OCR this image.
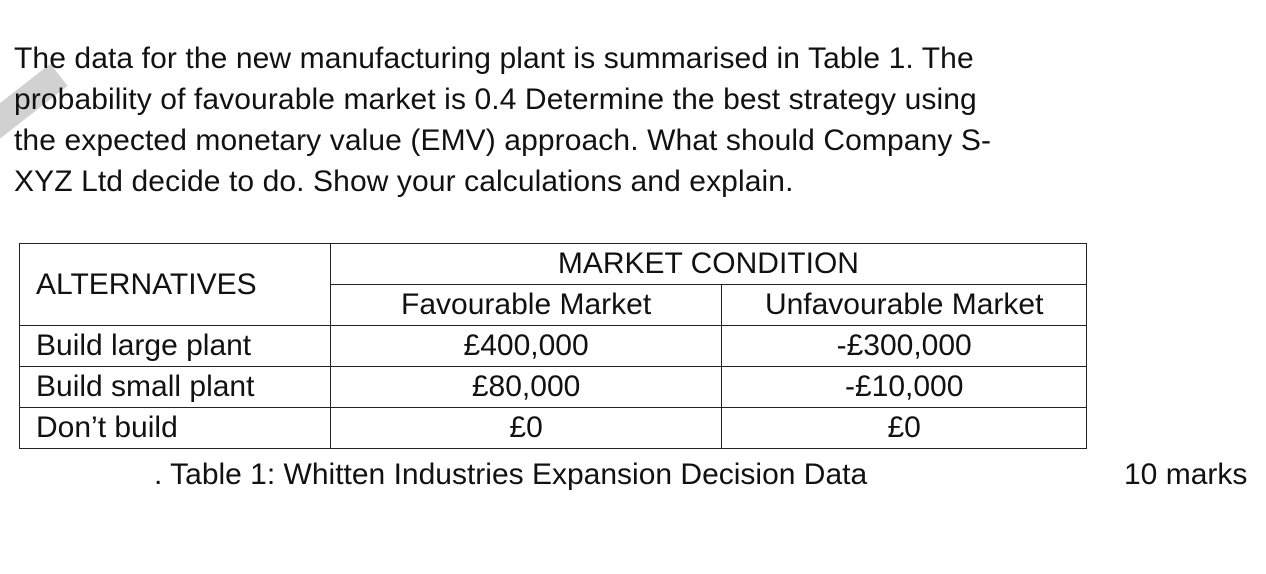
The data for the new manufacturing plant is summarised in Table 1. The
probability of favourable market is 0.4 Determine the best strategy using
the expected monetary value (EMV) approach. What should Company S-
XYZ Ltd decide to do. Show your calculations and explain.
ALTERNATIVES	MARKET CONDITION	
	Favourable Market	Unfavourable Market
Build large plant	£400,000	-£300,000
Build small plant	£80,000	-£10,000
Don’t build	£0	£0
. Table 1: Whitten Industries Expansion Decision Data	10 marks
